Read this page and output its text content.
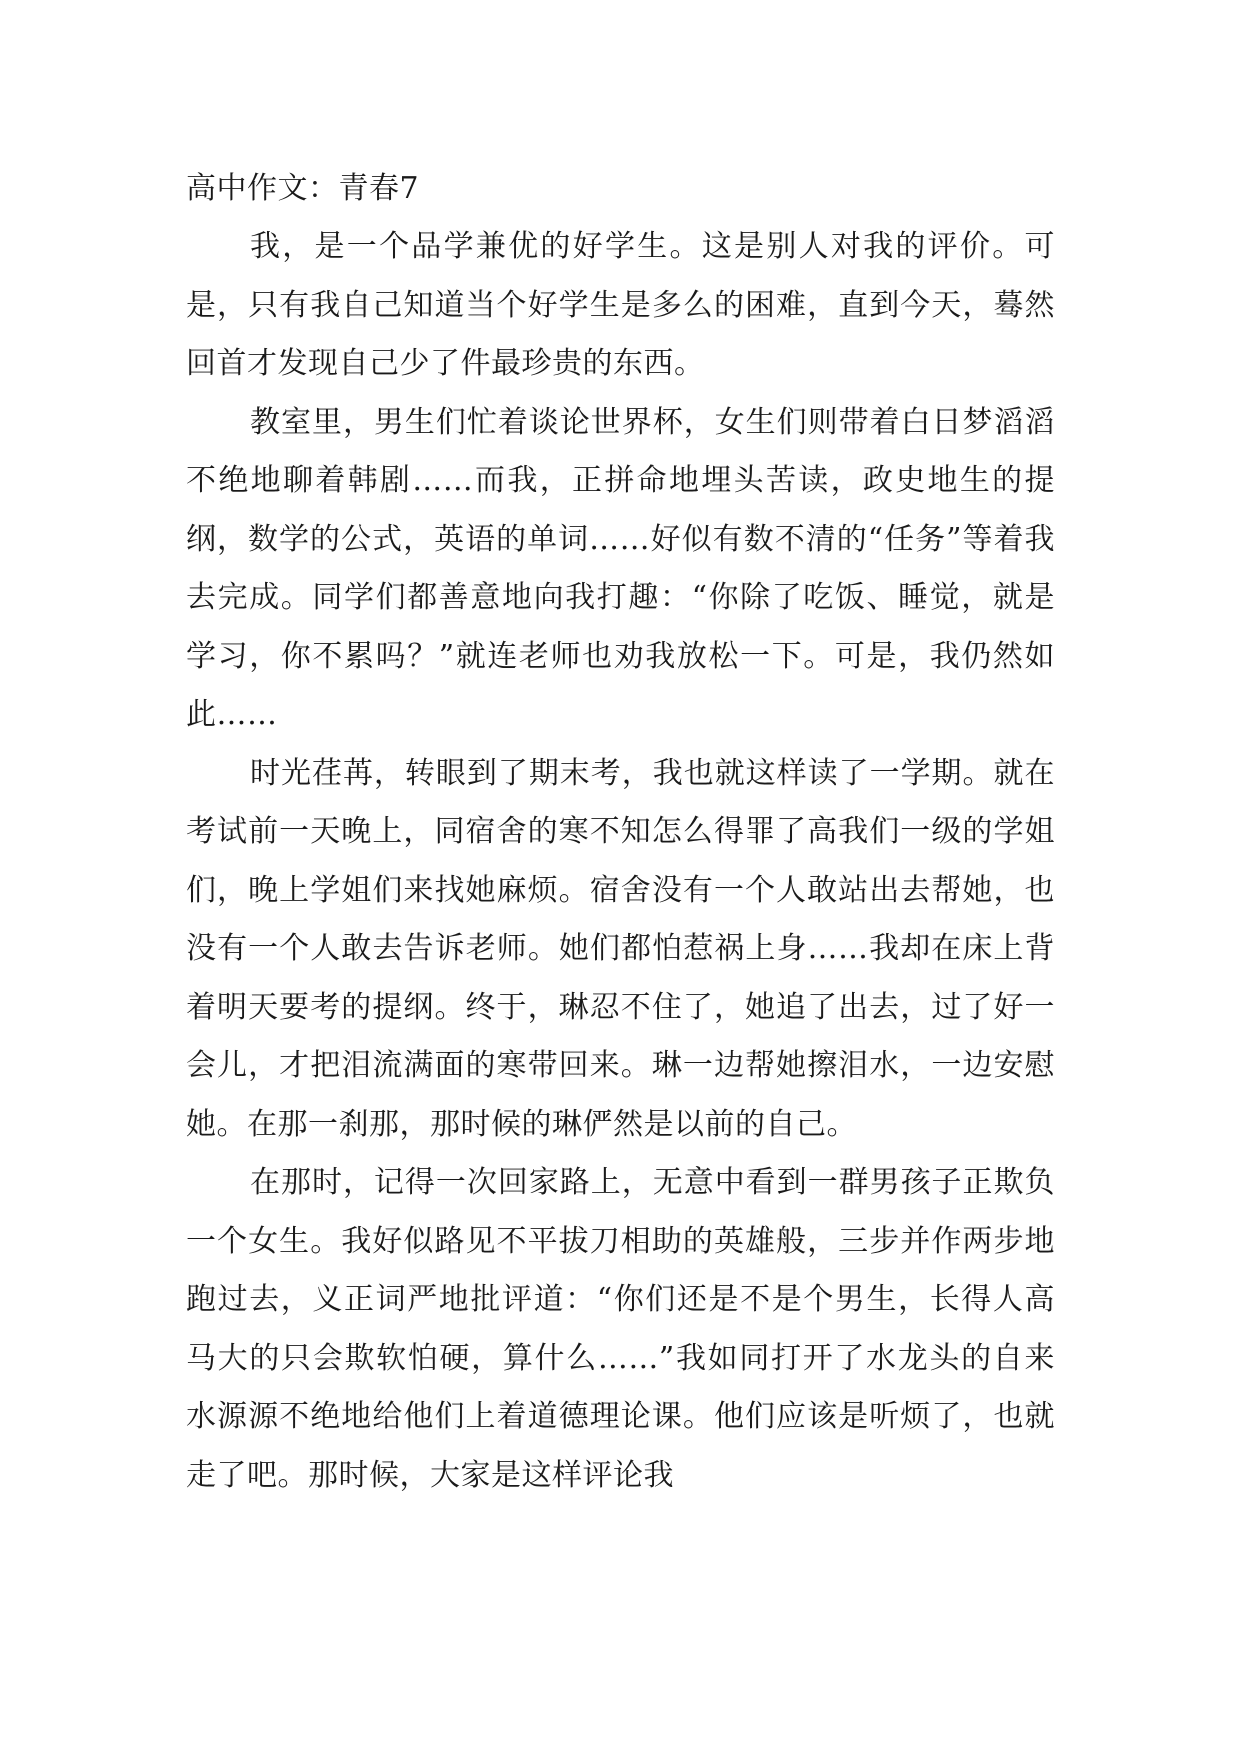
高中作文：青春7

我，是一个品学兼优的好学生。这是别人对我的评价。可是，只有我自己知道当个好学生是多么的困难，直到今天，蓦然回首才发现自己少了件最珍贵的东西。

教室里，男生们忙着谈论世界杯，女生们则带着白日梦滔滔不绝地聊着韩剧……而我，正拼命地埋头苦读，政史地生的提纲，数学的公式，英语的单词……好似有数不清的“任务”等着我去完成。同学们都善意地向我打趣：“你除了吃饭、睡觉，就是学习，你不累吗？”就连老师也劝我放松一下。可是，我仍然如此……

时光荏苒，转眼到了期末考，我也就这样读了一学期。就在考试前一天晚上，同宿舍的寒不知怎么得罪了高我们一级的学姐们，晚上学姐们来找她麻烦。宿舍没有一个人敢站出去帮她，也没有一个人敢去告诉老师。她们都怕惹祸上身……我却在床上背着明天要考的提纲。终于，琳忍不住了，她追了出去，过了好一会儿，才把泪流满面的寒带回来。琳一边帮她擦泪水，一边安慰她。在那一刹那，那时候的琳俨然是以前的自己。

在那时，记得一次回家路上，无意中看到一群男孩子正欺负一个女生。我好似路见不平拔刀相助的英雄般，三步并作两步地跑过去，义正词严地批评道：“你们还是不是个男生，长得人高马大的只会欺软怕硬，算什么……”我如同打开了水龙头的自来水源源不绝地给他们上着道德理论课。他们应该是听烦了，也就走了吧。那时候，大家是这样评论我
